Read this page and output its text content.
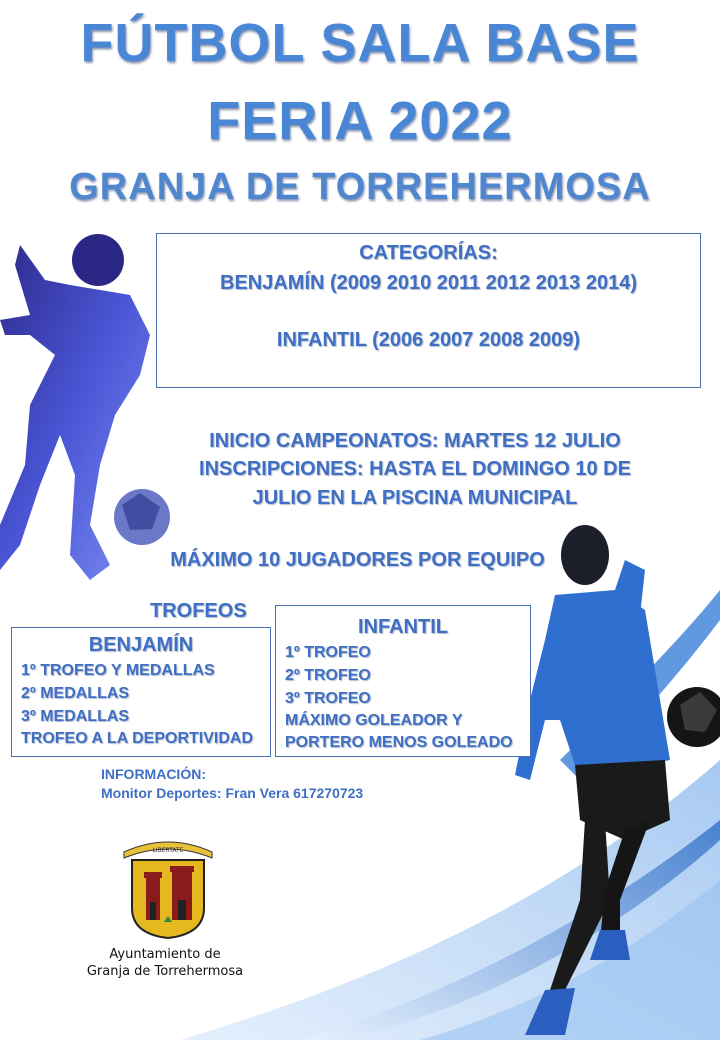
FÚTBOL SALA BASE
FERIA 2022
GRANJA DE TORREHERMOSA
CATEGORÍAS:
BENJAMÍN (2009 2010 2011 2012 2013 2014)
INFANTIL (2006 2007 2008 2009)
INICIO CAMPEONATOS: MARTES 12 JULIO
INSCRIPCIONES: HASTA EL DOMINGO 10 DE
JULIO EN LA PISCINA MUNICIPAL
MÁXIMO 10 JUGADORES POR EQUIPO
TROFEOS
BENJAMÍN
1º TROFEO Y MEDALLAS
2º MEDALLAS
3º MEDALLAS
TROFEO A LA DEPORTIVIDAD
INFANTIL
1º TROFEO
2º TROFEO
3º TROFEO
MÁXIMO GOLEADOR Y
PORTERO MENOS GOLEADO
INFORMACIÓN:
Monitor Deportes: Fran Vera 617270723
LIBERTATE
Ayuntamiento de
Granja de Torrehermosa
